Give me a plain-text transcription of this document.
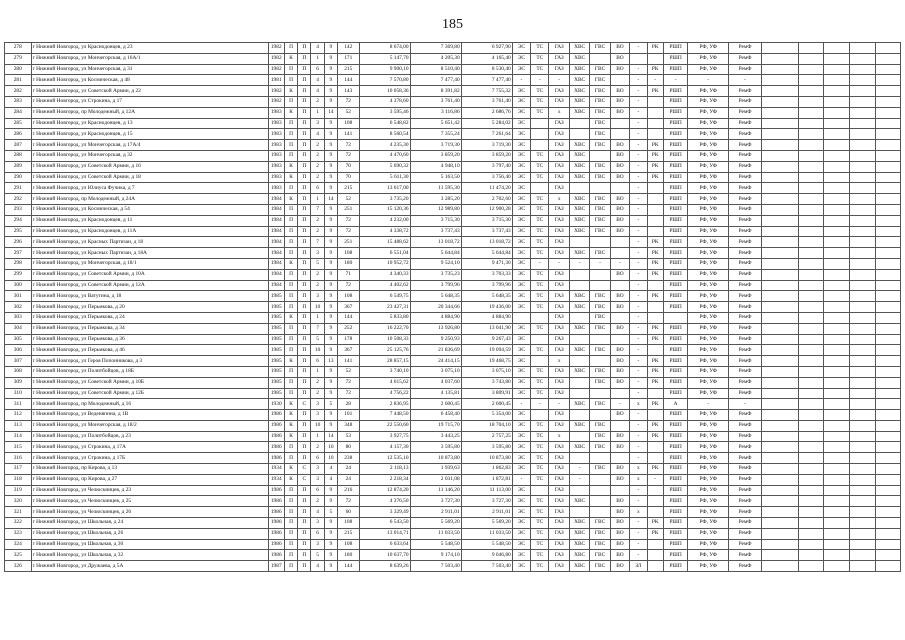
185
278	г Нижний Новгород, ул Краснодонцев, д 23	1982	П	П	4	9	142	8 674,00	7 369,80	6 927,90	ЭС	ТС	ГАЗ	ХВС	ГВС	ВО	-	РК	РШП	РФ, УФ	РемФ					
279	г Нижний Новгород, ул Мончегорская, д 16А/1	1982	К	П	1	9	171	5 147,70	4 205,30	4 165,40	ЭС	ТС	ГАЗ	ХВС		ВО			РШП	РФ, УФ	РемФ					
280	г Нижний Новгород, ул Мончегорская, д 31	1982	П	П	6	9	215	9 900,10	8 510,40	8 530,40	ЭС	ТС	ГАЗ	ХВС	ГВС	ВО	-	РК	РШП	РФ, УФ	РемФ					
281	г Нижний Новгород, ул Космическая, д 48	1981	П	П	4	9	144	7 570,80	7 477,40	7 477,40	-	-	-	ХВС	ГВС		-	-	-	-	-					
282	г Нижний Новгород, ул Советской Армии, д 22	1982	К	П	4	9	143	10 058,36	8 391,82	7 755,32	ЭС	ТС	ГАЗ	ХВС	ГВС	ВО	-	РК	РШП	РФ, УФ	РемФ					
283	г Нижний Новгород, ул Строкина, д 17	1982	П	П	2	9	72	4 378,60	3 761,40	3 761,40	ЭС	ТС	ГАЗ	ХВС	ГВС	ВО	-		РШП	РФ, УФ	РемФ					
284	г Нижний Новгород, пр Молодежный, д 12А	1983	К	П	1	14	52	3 595,46	3 116,86	2 686,76	ЭС	ТС	х	ХВС	ГВС	ВО	-		РШП	РФ, УФ	РемФ					
285	г Нижний Новгород, ул Краснодонцев, д 13	1983	П	П	3	9	108	6 548,82	5 651,42	5 284,02	ЭС		ГАЗ		ГВС		-		РШП	РФ, УФ	РемФ					
286	г Нижний Новгород, ул Краснодонцев, д 15	1983	П	П	4	9	141	8 560,54	7 355,24	7 261,64	ЭС		ГАЗ		ГВС		-		РШП	РФ, УФ	РемФ					
287	г Нижний Новгород, ул Мончегорская, д 17А/4	1983	П	П	2	9	72	4 235,30	3 719,30	3 719,30	ЭС		ГАЗ	ХВС	ГВС	ВО	-	РК	РШП	РФ, УФ	РемФ					
288	г Нижний Новгород, ул Мончегорская, д 32	1983	П	П	2	9	72	4 470,60	3 859,20	3 859,20	ЭС	ТС	ГАЗ	ХВС		ВО	-	РК	РШП	РФ, УФ	РемФ					
289	г Нижний Новгород, ул Советской Армии, д 16	1983	К	П	2	9	70	5 690,32	4 948,10	3 797,40	ЭС	ТС	ГАЗ	ХВС	ГВС	ВО	-	РК	РШП	РФ, УФ	РемФ					
290	г Нижний Новгород, ул Советской Армии, д 18	1983	К	П	2	9	70	5 611,30	5 163,50	3 756,40	ЭС	ТС	ГАЗ	ХВС	ГВС	ВО	-	РК	РШП	РФ, УФ	РемФ					
291	г Нижний Новгород, ул Юлиуса Фучика, д 7	1983	П	П	6	9	215	13 617,00	11 595,30	11 474,20	ЭС		ГАЗ				-		РШП	РФ, УФ	РемФ					
292	г Нижний Новгород, пр Молодежный, д 24А	1984	К	П	1	14	52	3 735,20	3 285,20	2 702,60	ЭС	ТС	х	ХВС	ГВС	ВО	-		РШП	РФ, УФ	РемФ					
293	г Нижний Новгород, ул Космическая, д 54	1984	П	П	7	9	251	15 120,36	12 989,80	12 900,28	ЭС	ТС	ГАЗ	ХВС	ГВС	ВО	-		РШП	РФ, УФ	РемФ					
294	г Нижний Новгород, ул Краснодонцев, д 11	1984	П	П	2	9	72	4 232,00	3 715,30	3 715,30	ЭС	ТС	ГАЗ	ХВС	ГВС	ВО	-		РШП	РФ, УФ	РемФ					
295	г Нижний Новгород, ул Краснодонцев, д 11А	1984	П	П	2	9	72	4 338,72	3 737,43	3 737,43	ЭС	ТС	ГАЗ	ХВС	ГВС	ВО	-		РШП	РФ, УФ	РемФ					
296	г Нижний Новгород, ул Красных Партизан, д 18	1984	П	П	7	9	251	15 488,62	13 018,72	13 018,72	ЭС	ТС	ГАЗ				-	РК	РШП	РФ, УФ	РемФ					
297	г Нижний Новгород, ул Красных Партизан, д 18А	1984	П	П	3	9	108	6 551,04	5 644,84	5 644,84	ЭС	ТС	ГАЗ	ХВС	ГВС		-	РК	РШП	РФ, УФ	РемФ					
298	г Нижний Новгород, ул Мончегорская, д 18/1	1984	К	П	5	9	180	10 952,72	9 524,10	9 471,30	ЭС	-	-	-	-	-	-	РК	РШП	РФ, УФ	РемФ					
299	г Нижний Новгород, ул Советской Армии, д 10А	1984	П	П	2	9	71	4 340,33	3 735,23	3 703,33	ЭС	ТС	ГАЗ			ВО	-	РК	РШП	РФ, УФ	РемФ					
300	г Нижний Новгород, ул Советской Армии, д 12А	1984	П	П	2	9	72	4 402,62	3 799,96	3 799,96	ЭС	ТС	ГАЗ				-		РШП	РФ, УФ	РемФ					
301	г Нижний Новгород, ул Ватутина, д 18	1985	П	П	3	9	108	6 549,75	5 648,35	5 648,35	ЭС	ТС	ГАЗ	ХВС	ГВС	ВО	-	РК	РШП	РФ, УФ	РемФ					
302	г Нижний Новгород, ул Перьмкова, д 20	1985	П	П	10	9	367	23 427,31	20 344,66	19 436,00	ЭС	ТС	ГАЗ	ХВС	ГВС	ВО	-		РШП	РФ, УФ	РемФ					
303	г Нижний Новгород, ул Перьмкова, д 24	1985	К	П	1	9	144	5 833,80	4 884,90	4 884,90			ГАЗ		ГВС		-			РФ, УФ	РемФ					
304	г Нижний Новгород, ул Перьмкова, д 34	1985	П	П	7	9	252	16 222,70	13 926,80	13 041,90	ЭС	ТС	ГАЗ	ХВС	ГВС	ВО	-	РК	РШП	РФ, УФ	РемФ					
305	г Нижний Новгород, ул Перьмкова, д 36	1985	П	П	5	9	178	10 508,33	9 250,93	9 267,43	ЭС		ГАЗ				-	РК	РШП	РФ, УФ	РемФ					
306	г Нижний Новгород, ул Перьмкова, д 46	1985	П	П	10	9	367	25 125,76	21 836,69	19 094,59	ЭС	ТС	ГАЗ	ХВС	ГВС	ВО	-		РШП	РФ, УФ	РемФ					
307	г Нижний Новгород, ул Героя Попонникова, д 3	1985	К	П	6	13	141	28 857,15	24 414,15	19 468,75	ЭС		х			ВО	-	РК	РШП	РФ, УФ	РемФ					
308	г Нижний Новгород, ул Политбойцов, д 18Б	1985	П	П	1	9	52	3 740,10	3 075,10	3 075,10	ЭС	ТС	ГАЗ	ХВС	ГВС	ВО	-	РК	РШП	РФ, УФ	РемФ					
309	г Нижний Новгород, ул Советской Армии, д 10Б	1985	П	П	2	9	72	4 615,62	4 037,60	3 743,80	ЭС	ТС	ГАЗ		ГВС	ВО	-	РК	РШП	РФ, УФ	РемФ					
310	г Нижний Новгород, ул Советской Армии, д 12Б	1985	П	П	2	9	72	4 756,22	4 135,81	3 809,91	ЭС	ТС	ГАЗ				-		РШП	РФ, УФ	РемФ					
311	г Нижний Новгород, пр Молодежный, д 16	1930	К	С	3	5	28	2 836,95	2 600,45	2 600,45	-	-	-	ХВС	ГВС	-	х	РК	А	-	-					
312	г Нижний Новгород, ул Веденяпина, д 1В	1986	К	П	3	9	101	7 448,50	6 458,40	5 354,00	ЭС		ГАЗ			ВО	-		РШП	РФ, УФ	РемФ					
313	г Нижний Новгород, ул Мончегорская, д 18/2	1986	К	П	10	9	348	22 550,60	19 715,70	18 704,10	ЭС	ТС	ГАЗ	ХВС	ГВС		-	РК	РШП	РФ, УФ	РемФ					
314	г Нижний Новгород, ул Политбойцов, д 23	1986	К	П	1	14	53	3 927,75	3 443,25	2 757,25	ЭС	ТС	х		ГВС	ВО	-	РК	РШП	РФ, УФ	РемФ					
315	г Нижний Новгород, ул Строкина, д 17А	1986	П	П	2	10	80	4 157,30	3 595,80	3 595,80	ЭС	ТС	ГАЗ	ХВС	ГВС	ВО	-		РШП	РФ, УФ	РемФ					
316	г Нижний Новгород, ул Строкина, д 17Б	1986	П	П	6	10	238	12 535,10	10 873,80	10 873,80	ЭС	ТС	ГАЗ				-		РШП	РФ, УФ	РемФ					
317	г Нижний Новгород, пр Кирова, д 13	1934	К	С	3	4	24	2 118,13	1 939,63	1 862,83	ЭС	ТС	ГАЗ	-	ГВС	ВО	х	РК	РШП	РФ, УФ	РемФ					
318	г Нижний Новгород, пр Кирова, д 27	1934	К	С	3	4	24	2 218,34	2 031,08	1 872,81	-	ТС	ГАЗ	-		ВО	х	-	РШП	РФ, УФ	РемФ					
319	г Нижний Новгород, ул Челюскинцев, д 23	1986	П	П	6	9	216	12 874,20	11 146,20	11 113,00	ЭС		ГАЗ				-		РШП	РФ, УФ	РемФ					
320	г Нижний Новгород, ул Челюскинцев, д 25	1986	П	П	2	9	72	4 376,50	3 727,30	3 727,30	ЭС	ТС	ГАЗ	ХВС		ВО	-		РШП	РФ, УФ	РемФ					
321	г Нижний Новгород, ул Челюскинцев, д 26	1986	П	П	4	5	60	3 329,49	2 911,01	2 911,01	ЭС	ТС	ГАЗ			ВО	х		РШП	РФ, УФ	РемФ					
322	г Нижний Новгород, ул Школьная, д 24	1986	П	П	3	9	108	6 543,50	5 569,20	5 569,20	ЭС	ТС	ГАЗ	ХВС	ГВС	ВО	-	РК	РШП	РФ, УФ	РемФ					
323	г Нижний Новгород, ул Школьная, д 26	1986	П	П	6	9	215	13 014,71	11 033,50	11 033,50	ЭС	ТС	ГАЗ	ХВС	ГВС	ВО	-	РК	РШП	РФ, УФ	РемФ					
324	г Нижний Новгород, ул Школьная, д 30	1986	П	П	3	9	108	6 633,64	5 548,50	5 548,50	ЭС	ТС	ГАЗ	ХВС	ГВС	ВО	-		РШП	РФ, УФ	РемФ					
325	г Нижний Новгород, ул Школьная, д 32	1986	П	П	5	9	180	10 637,70	9 174,10	9 046,80	ЭС	ТС	ГАЗ	ХВС	ГВС	ВО	-		РШП	РФ, УФ	РемФ					
326	г Нижний Новгород, ул Дружаева, д 5А	1987	П	П	4	9	144	8 639,26	7 503,40	7 503,40	ЭС	ТС	ГАЗ	ХВС	ГВС	ВО	ЗЛ		РШП	РФ, УФ	РемФ					
